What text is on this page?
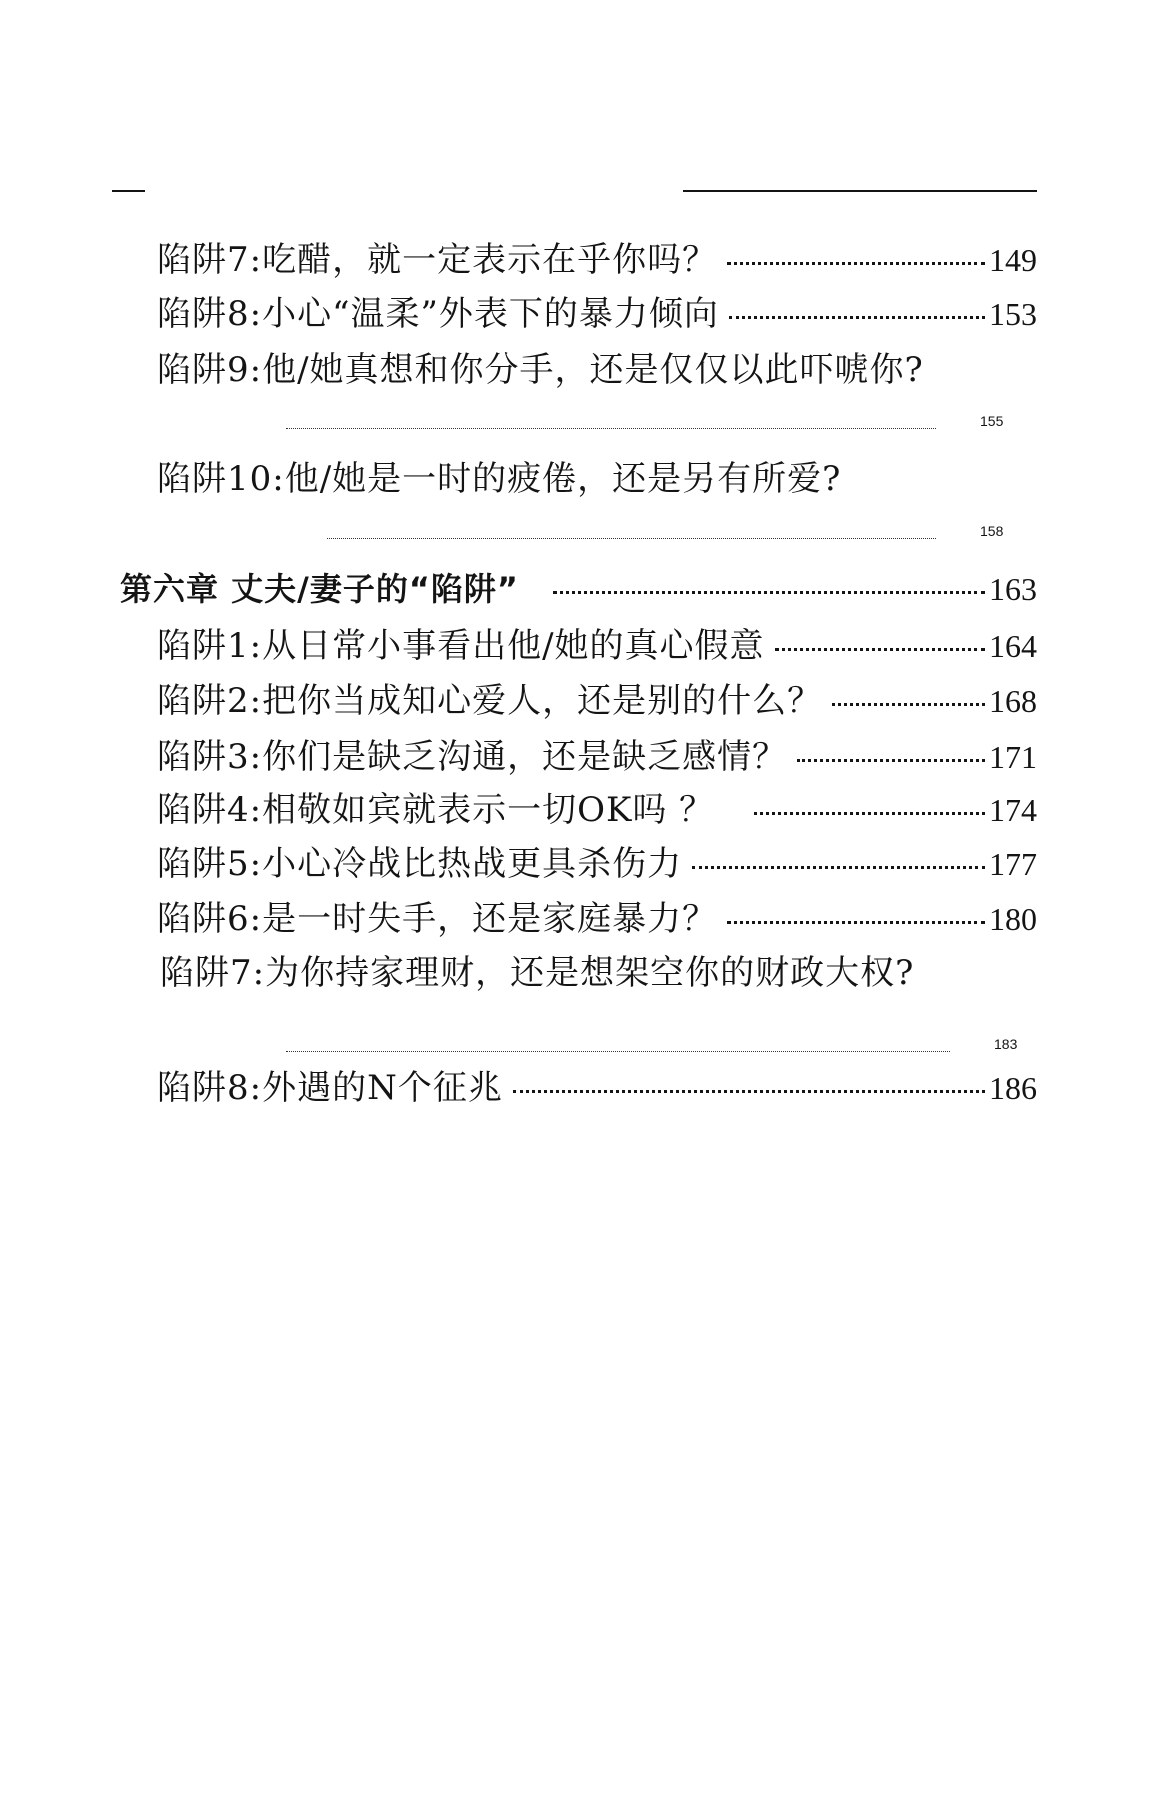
陷阱7:吃醋，就一定表示在乎你吗？	149
陷阱8:小心“温柔”外表下的暴力倾向	153
陷阱9:他/她真想和你分手，还是仅仅以此吓唬你?
155
陷阱10:他/她是一时的疲倦，还是另有所爱?
158
第六章 丈夫/妻子的“陷阱”	163
陷阱1:从日常小事看出他/她的真心假意	164
陷阱2:把你当成知心爱人，还是别的什么？	168
陷阱3:你们是缺乏沟通，还是缺乏感情？	171
陷阱4:相敬如宾就表示一切OK吗 ？	174
陷阱5:小心冷战比热战更具杀伤力	177
陷阱6:是一时失手，还是家庭暴力？	180
陷阱7:为你持家理财，还是想架空你的财政大权?
183
陷阱8:外遇的N个征兆	186
